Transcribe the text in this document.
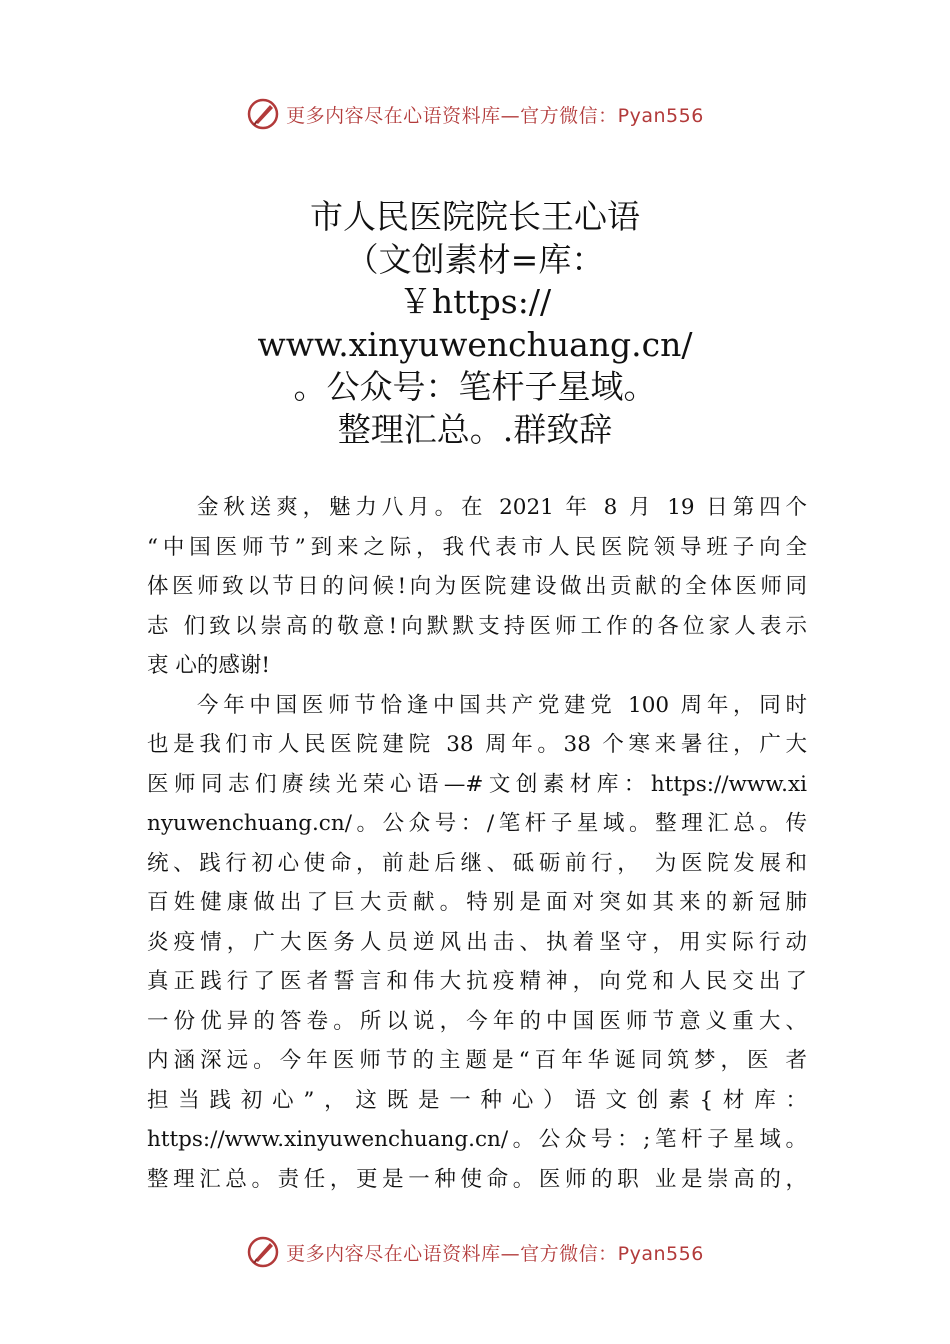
更多内容尽在心语资料库—官方微信：Pyan556
市人民医院院长王心语
（文创素材=库：
￥https://
www.xinyuwenchuang.cn/
。公众号：笔杆子星域。
整理汇总。.群致辞
金秋送爽，魅力八月。在 2021 年 8 月 19 日第四个
“中国医师节”到来之际，我代表市人民医院领导班子向全
体医师致以节日的问候!向为医院建设做出贡献的全体医师同
志 们致以崇高的敬意!向默默支持医师工作的各位家人表示
衷 心的感谢!
今年中国医师节恰逢中国共产党建党 100 周年，同时
也是我们市人民医院建院 38 周年。38 个寒来暑往，广大
医师同志们赓续光荣心语—#文创素材库：https://www.xi
nyuwenchuang.cn/。公众号：/笔杆子星域。整理汇总。传
统、践行初心使命，前赴后继、砥砺前行， 为医院发展和
百姓健康做出了巨大贡献。特别是面对突如其来的新冠肺
炎疫情，广大医务人员逆风出击、执着坚守，用实际行动
真正践行了医者誓言和伟大抗疫精神，向党和人民交出了
一份优异的答卷。所以说，今年的中国医师节意义重大、
内涵深远。今年医师节的主题是“百年华诞同筑梦，医 者
担当践初心”，这既是一种心）语文创素{材库：
https://www.xinyuwenchuang.cn/。公众号：;笔杆子星域。
整理汇总。责任，更是一种使命。医师的职 业是崇高的，
更多内容尽在心语资料库—官方微信：Pyan556
